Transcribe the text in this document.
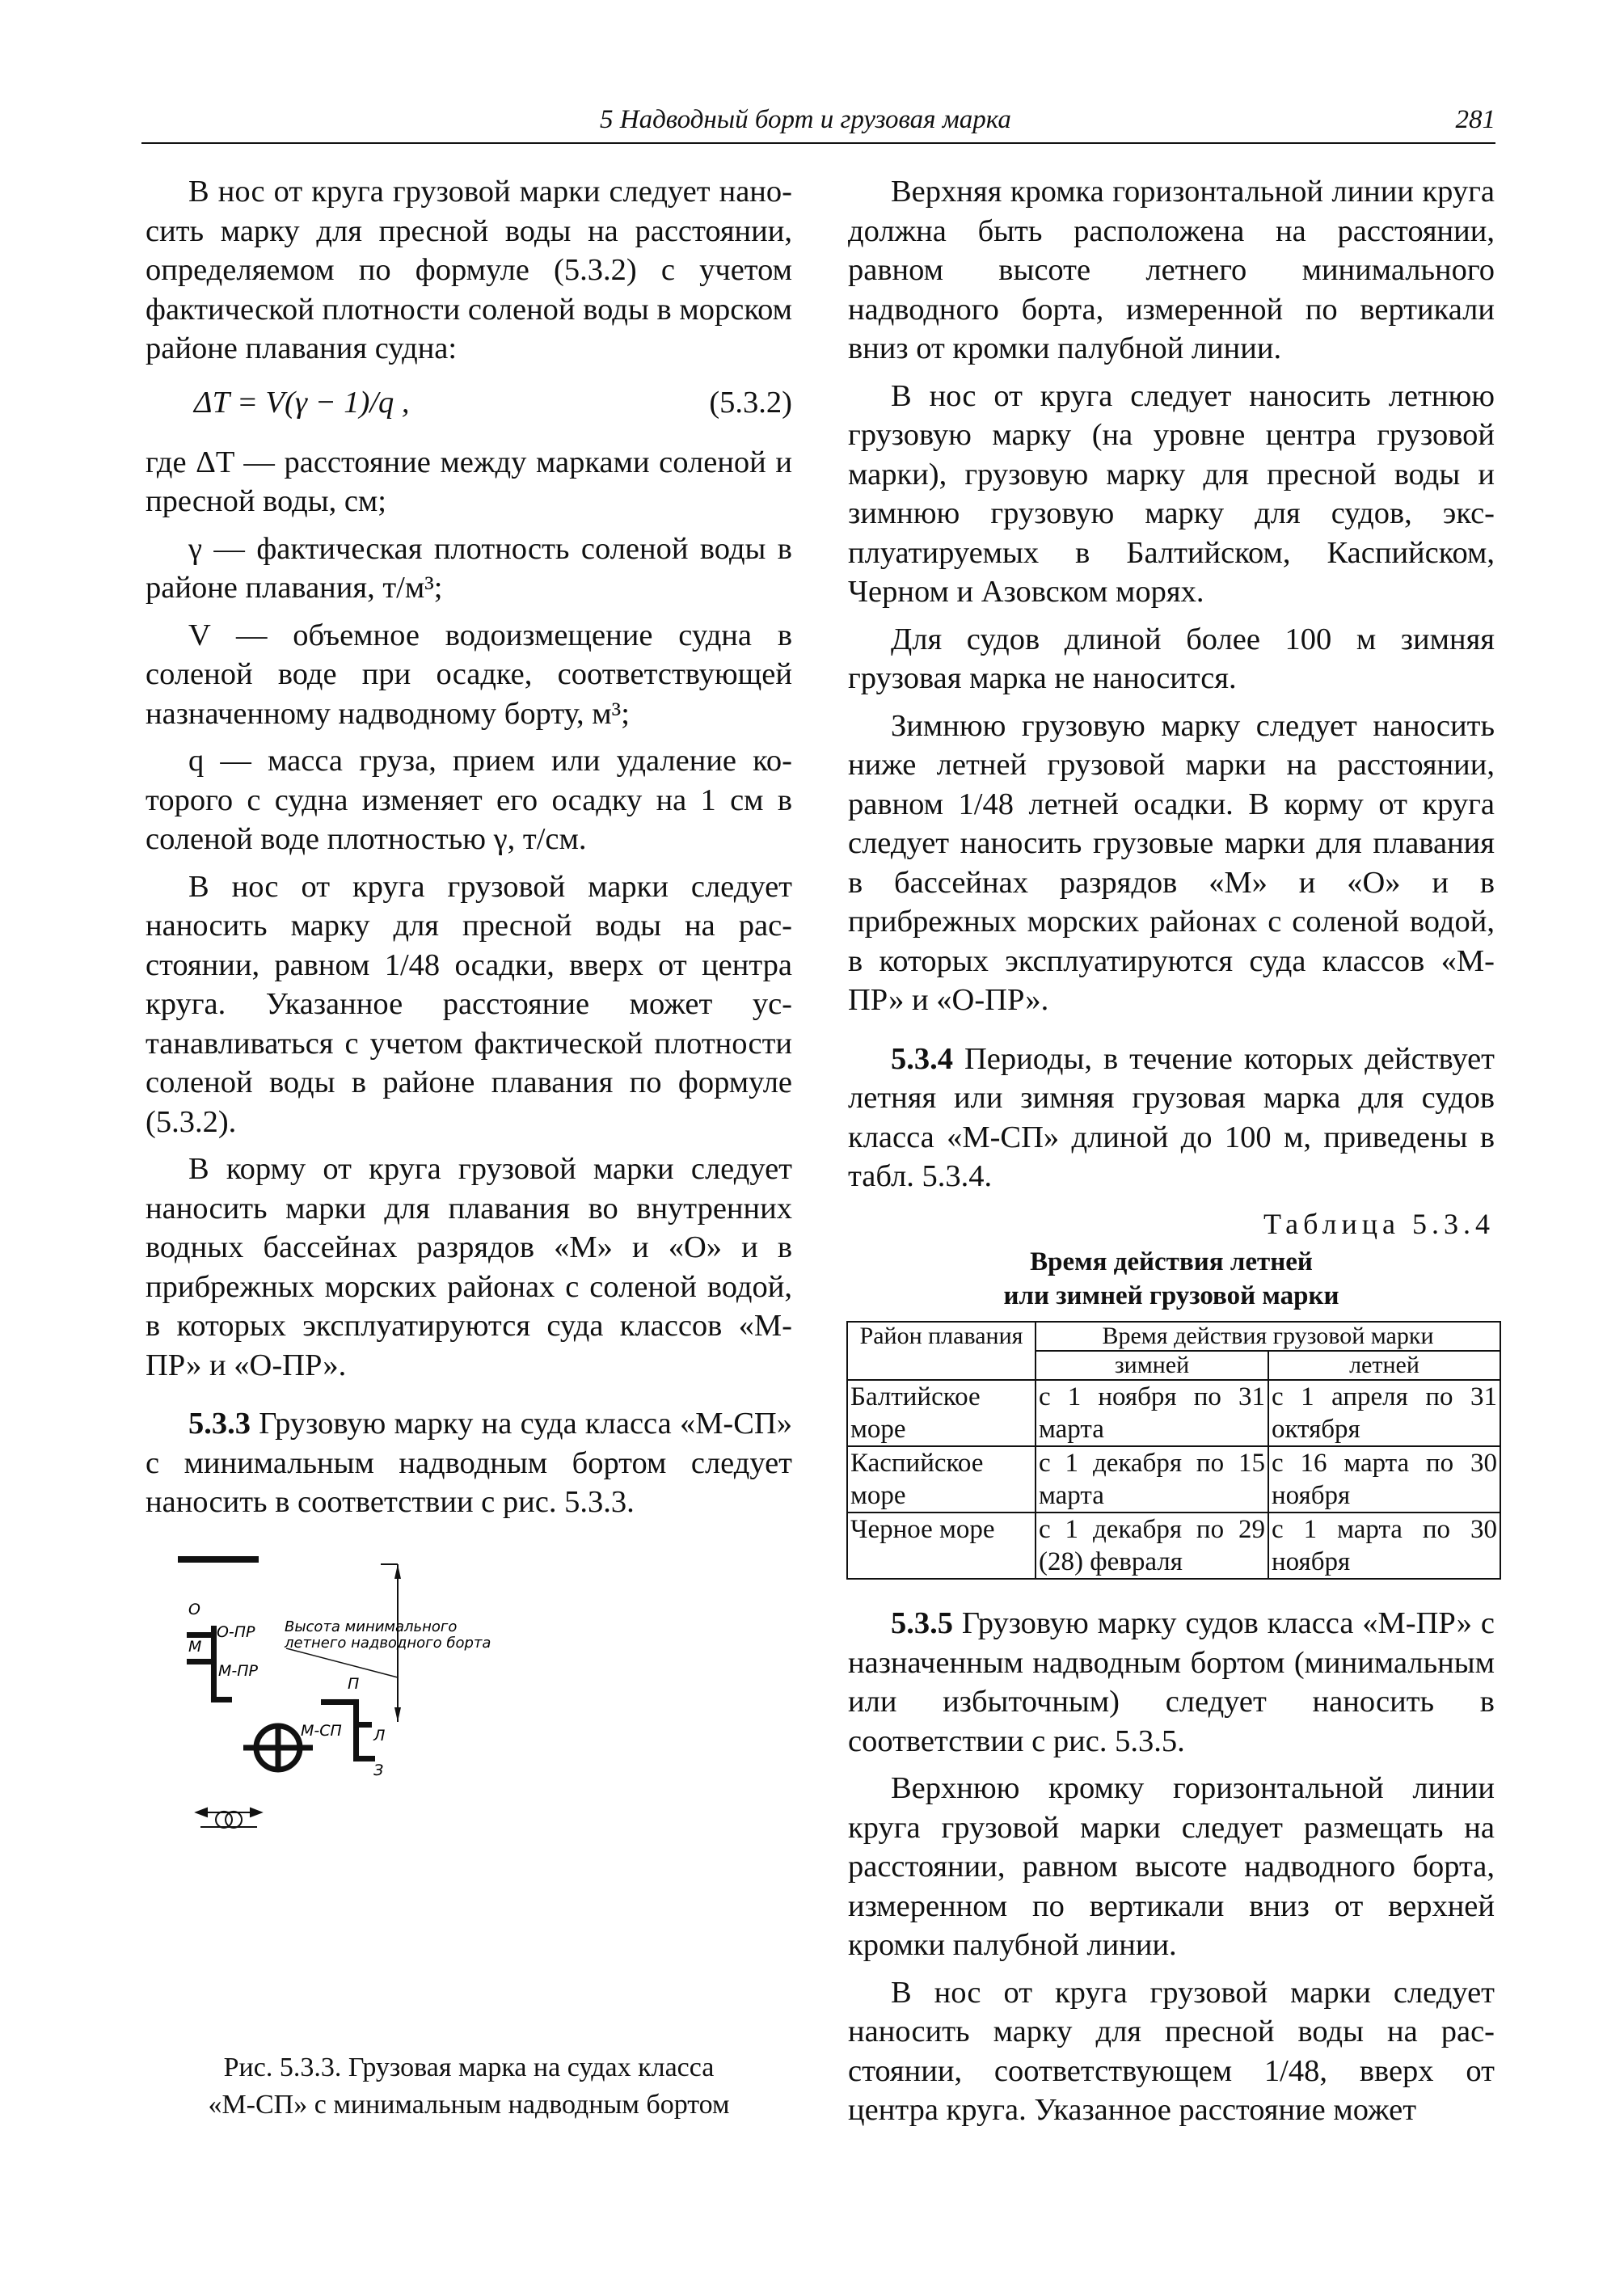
5 Надводный борт и грузовая марка	281

В нос от круга грузовой марки следует наносить марку для пресной воды на расстоянии, определяемом по формуле (5.3.2) с учетом фактической плотности соленой воды в морском районе плавания судна:

ΔT = V(γ − 1)/q ,	(5.3.2)

где ΔT — расстояние между марками соленой и пресной воды, см;

γ — фактическая плотность соленой воды в районе плавания, т/м³;

V — объемное водоизмещение судна в соленой воде при осадке, соответствующей назначенному надводному борту, м³;

q — масса груза, прием или удаление которого с судна изменяет его осадку на 1 см в соленой воде плотностью γ, т/см.

В нос от круга грузовой марки следует наносить марку для пресной воды на расстоянии, равном 1/48 осадки, вверх от центра круга. Указанное расстояние может устанавливаться с учетом фактической плотности соленой воды в районе плавания по формуле (5.3.2).

В корму от круга грузовой марки следует наносить марки для плавания во внутренних водных бассейнах разрядов «М» и «О» и в прибрежных морских районах с соленой водой, в которых эксплуатируются суда классов «М-ПР» и «О-ПР».

5.3.3 Грузовую марку на суда класса «М-СП» с минимальным надводным бортом следует наносить в соответствии с рис. 5.3.3.

О
М
О-ПР
М-ПР
Высота минимального
летнего надводного борта
М-СП
П
Л
З
Рис. 5.3.3. Грузовая марка на судах класса
«М-СП» с минимальным надводным бортом

Верхняя кромка горизонтальной линии круга должна быть расположена на расстоянии, равном высоте летнего минимального надводного борта, измеренной по вертикали вниз от кромки палубной линии.

В нос от круга следует наносить летнюю грузовую марку (на уровне центра грузовой марки), грузовую марку для пресной воды и зимнюю грузовую марку для судов, эксплуатируемых в Балтийском, Каспийском, Черном и Азовском морях.

Для судов длиной более 100 м зимняя грузовая марка не наносится.

Зимнюю грузовую марку следует наносить ниже летней грузовой марки на расстоянии, равном 1/48 летней осадки. В корму от круга следует наносить грузовые марки для плавания в бассейнах разрядов «М» и «О» и в прибрежных морских районах с соленой водой, в которых эксплуатируются суда классов «М-ПР» и «О-ПР».

5.3.4 Периоды, в течение которых действует летняя или зимняя грузовая марка для судов класса «М-СП» длиной до 100 м, приведены в табл. 5.3.4.

Таблица 5.3.4
Время действия летней
или зимней грузовой марки
Район плавания	Время действия грузовой марки	
	зимней	летней
Балтийское море	с 1 ноября по 31 марта	с 1 апреля по 31 октября
Каспийское море	с 1 декабря по 15 марта	с 16 марта по 30 ноября
Черное море	с 1 декабря по 29 (28) февраля	с 1 марта по 30 ноября

5.3.5 Грузовую марку судов класса «М-ПР» с назначенным надводным бортом (минимальным или избыточным) следует наносить в соответствии с рис. 5.3.5.

Верхнюю кромку горизонтальной линии круга грузовой марки следует размещать на расстоянии, равном высоте надводного борта, измеренном по вертикали вниз от верхней кромки палубной линии.

В нос от круга грузовой марки следует наносить марку для пресной воды на расстоянии, соответствующем 1/48, вверх от центра круга. Указанное расстояние может
